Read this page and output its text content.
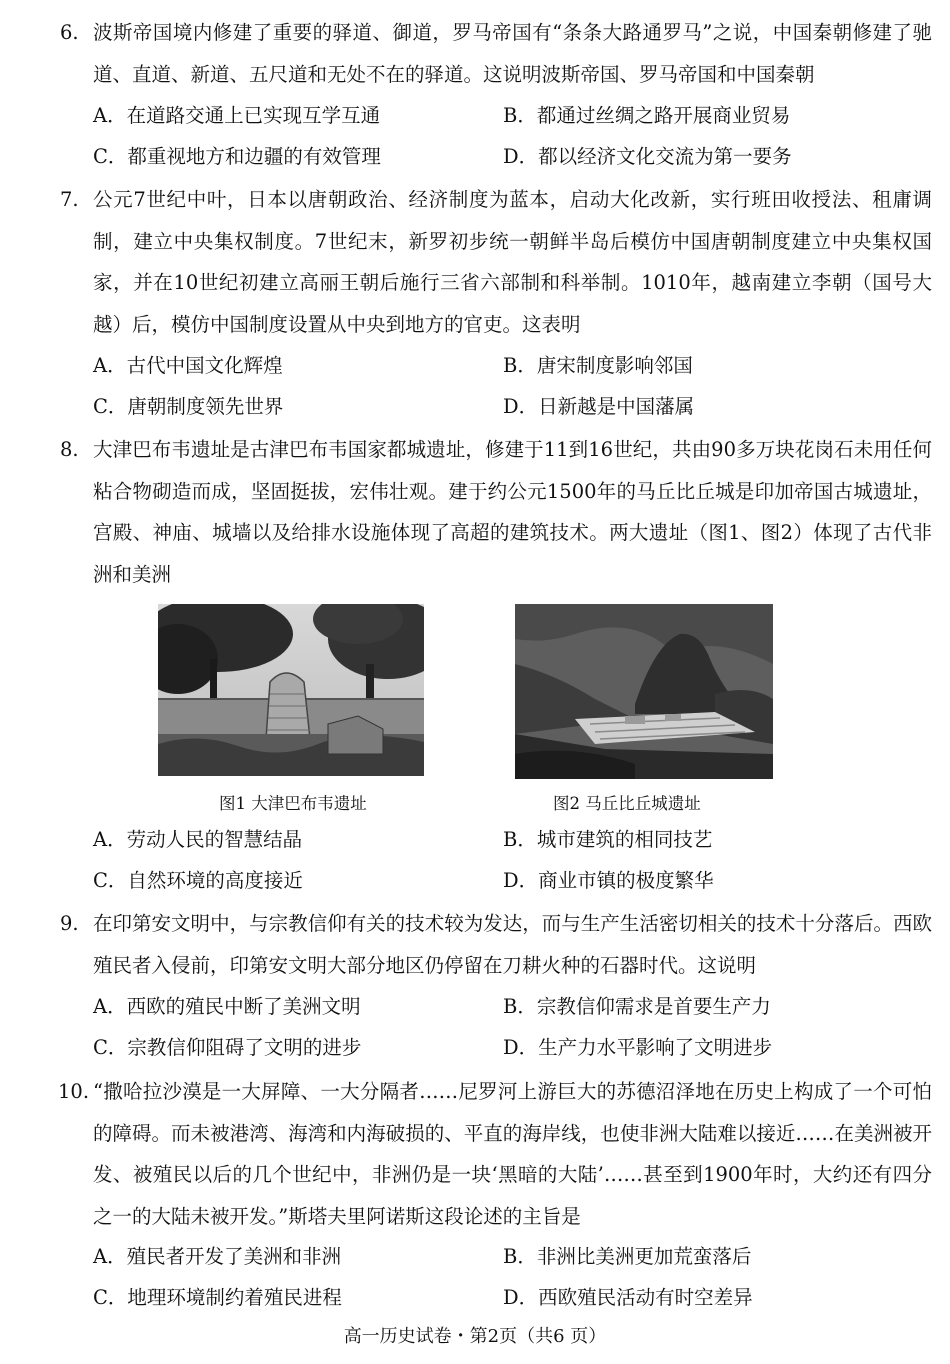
6. 波斯帝国境内修建了重要的驿道、御道，罗马帝国有“条条大路通罗马”之说，中国秦朝修建了驰道、直道、新道、五尺道和无处不在的驿道。这说明波斯帝国、罗马帝国和中国秦朝
A．在道路交通上已实现互学互通	B．都通过丝绸之路开展商业贸易
C．都重视地方和边疆的有效管理	D．都以经济文化交流为第一要务
7. 公元7世纪中叶，日本以唐朝政治、经济制度为蓝本，启动大化改新，实行班田收授法、租庸调制，建立中央集权制度。7世纪末，新罗初步统一朝鲜半岛后模仿中国唐朝制度建立中央集权国家，并在10世纪初建立高丽王朝后施行三省六部制和科举制。1010年，越南建立李朝（国号大越）后，模仿中国制度设置从中央到地方的官吏。这表明
A．古代中国文化辉煌	B．唐宋制度影响邻国
C．唐朝制度领先世界	D．日新越是中国藩属
8. 大津巴布韦遗址是古津巴布韦国家都城遗址，修建于11到16世纪，共由90多万块花岗石未用任何粘合物砌造而成，坚固挺拔，宏伟壮观。建于约公元1500年的马丘比丘城是印加帝国古城遗址，宫殿、神庙、城墙以及给排水设施体现了高超的建筑技术。两大遗址（图1、图2）体现了古代非洲和美洲
图1 大津巴布韦遗址	图2 马丘比丘城遗址
A．劳动人民的智慧结晶	B．城市建筑的相同技艺
C．自然环境的高度接近	D．商业市镇的极度繁华
9. 在印第安文明中，与宗教信仰有关的技术较为发达，而与生产生活密切相关的技术十分落后。西欧殖民者入侵前，印第安文明大部分地区仍停留在刀耕火种的石器时代。这说明
A．西欧的殖民中断了美洲文明	B．宗教信仰需求是首要生产力
C．宗教信仰阻碍了文明的进步	D．生产力水平影响了文明进步
10. “撒哈拉沙漠是一大屏障、一大分隔者……尼罗河上游巨大的苏德沼泽地在历史上构成了一个可怕的障碍。而未被港湾、海湾和内海破损的、平直的海岸线，也使非洲大陆难以接近……在美洲被开发、被殖民以后的几个世纪中，非洲仍是一块‘黑暗的大陆’……甚至到1900年时，大约还有四分之一的大陆未被开发。”斯塔夫里阿诺斯这段论述的主旨是
A．殖民者开发了美洲和非洲	B．非洲比美洲更加荒蛮落后
C．地理环境制约着殖民进程	D．西欧殖民活动有时空差异
高一历史试卷・第2页（共6 页）
